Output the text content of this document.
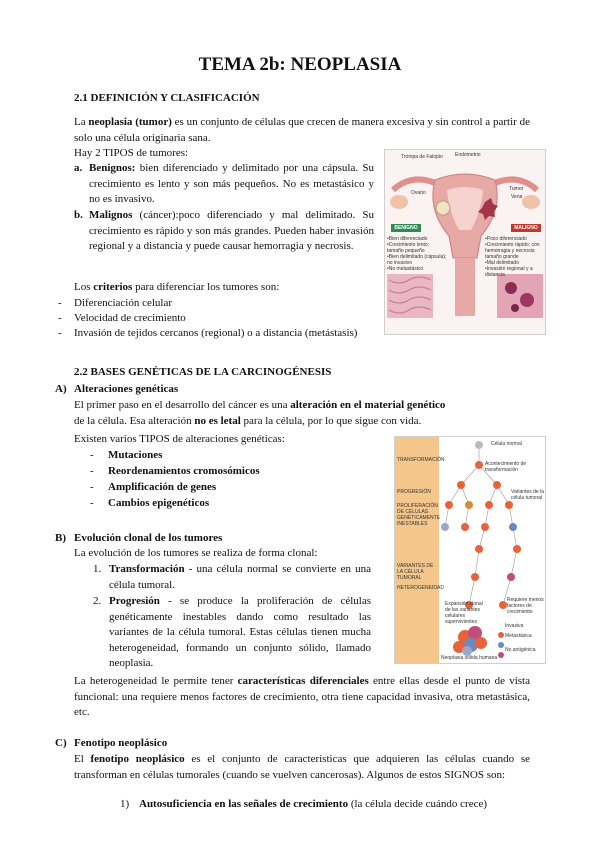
TEMA 2b: NEOPLASIA
2.1 DEFINICIÓN Y CLASIFICACIÓN
La neoplasia (tumor) es un conjunto de células que crecen de manera excesiva y sin control a partir de solo una célula originaria sana.
Hay 2 TIPOS de tumores:
a. Benignos: bien diferenciado y delimitado por una cápsula. Su crecimiento es lento y son más pequeños. No es metastásico y no es invasivo.
b. Malignos (cáncer):poco diferenciado y mal delimitado. Su crecimiento es rápido y son más grandes. Pueden haber invasión regional y a distancia y puede causar hemorragia y necrosis.
Los criterios para diferenciar los tumores son:
- Diferenciación celular
- Velocidad de crecimiento
- Invasión de tejidos cercanos (regional) o a distancia (metástasis)
Trompa de Falopio Endometrio
Ovario
Tumor
Vena
BENIGNO	MALIGNO
•Bien diferenciado
•Crecimiento lento; tamaño pequeño
•Bien delimitado (cápsula); no invasivo
•No metastásico
•Poco diferenciado
•Crecimiento rápido; con hemorragia y necrosis; tamaño grande
•Mal delimitado
•Invasión regional y a distancia
2.2 BASES GENÉTICAS DE LA CARCINOGÉNESIS
A) Alteraciones genéticas
El primer paso en el desarrollo del cáncer es una alteración en el material genético
de la célula. Esa alteración no es letal para la célula, por lo que sigue con vida.
Existen varios TIPOS de alteraciones genéticas:
- Mutaciones
- Reordenamientos cromosómicos
- Amplificación de genes
- Cambios epigenéticos
B) Evolución clonal de los tumores
La evolución de los tumores se realiza de forma clonal:
1. Transformación - una célula normal se convierte en una célula tumoral.
2. Progresión - se produce la proliferación de células genéticamente inestables dando como resultado las variantes de la célula tumoral. Estas células tienen mucha heterogeneidad, formando un conjunto sólido, llamado neoplasia.
La heterogeneidad le permite tener características diferenciales entre ellas desde el punto de vista funcional: una requiere menos factores de crecimiento, otra tiene capacidad invasiva, otra metastásica, etc.
C) Fenotipo neoplásico
El fenotipo neoplásico es el conjunto de características que adquieren las células cuando se transforman en células tumorales (cuando se vuelven cancerosas). Algunos de estos SIGNOS son:
1) Autosuficiencia en las señales de crecimiento (la célula decide cuándo crece)
TRANSFORMACIÓN
PROGRESIÓN
PROLIFERACIÓN DE CÉLULAS GENÉTICAMENTE INESTABLES
VARIANTES DE LA CÉLULA TUMORAL
HETEROGENEIDAD
Célula normal
Acontecimiento de transformación
Variantes de la célula tumoral
Expansión clonal de las variantes celulares supervivientes
Requiere menos factores de crecimiento
Invasiva
Metastásica
No antigénica
Neoplasia sólida humana
